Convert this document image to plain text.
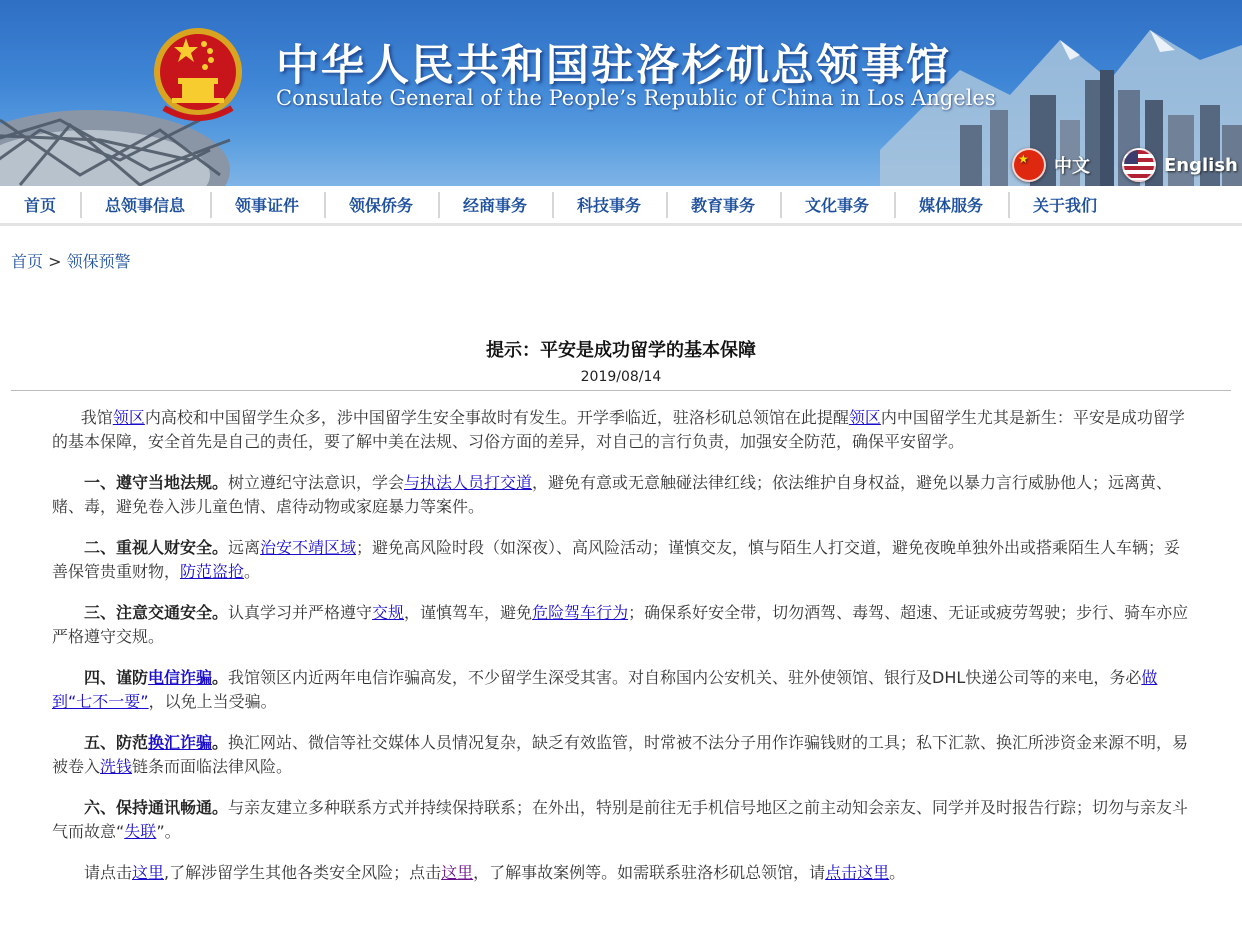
中华人民共和国驻洛杉矶总领事馆
Consulate General of the People’s Republic of China in Los Angeles
★
中文	English
首页	总领事信息	领事证件	领保侨务	经商事务	科技事务	教育事务	文化事务	媒体服务	关于我们
首页 > 领保预警
提示：平安是成功留学的基本保障
2019/08/14

我馆领区内高校和中国留学生众多，涉中国留学生安全事故时有发生。开学季临近，驻洛杉矶总领馆在此提醒领区内中国留学生尤其是新生：平安是成功留学的基本保障，安全首先是自己的责任，要了解中美在法规、习俗方面的差异，对自己的言行负责，加强安全防范，确保平安留学。

一、遵守当地法规。树立遵纪守法意识，学会与执法人员打交道，避免有意或无意触碰法律红线；依法维护自身权益，避免以暴力言行威胁他人；远离黄、赌、毒，避免卷入涉儿童色情、虐待动物或家庭暴力等案件。

二、重视人财安全。远离治安不靖区域；避免高风险时段（如深夜）、高风险活动；谨慎交友，慎与陌生人打交道，避免夜晚单独外出或搭乘陌生人车辆；妥善保管贵重财物，防范盗抢。

三、注意交通安全。认真学习并严格遵守交规，谨慎驾车，避免危险驾车行为；确保系好安全带，切勿酒驾、毒驾、超速、无证或疲劳驾驶；步行、骑车亦应严格遵守交规。

四、谨防电信诈骗。我馆领区内近两年电信诈骗高发，不少留学生深受其害。对自称国内公安机关、驻外使领馆、银行及DHL快递公司等的来电，务必做到“七不一要”，以免上当受骗。

五、防范换汇诈骗。换汇网站、微信等社交媒体人员情况复杂，缺乏有效监管，时常被不法分子用作诈骗钱财的工具；私下汇款、换汇所涉资金来源不明，易被卷入洗钱链条而面临法律风险。

六、保持通讯畅通。与亲友建立多种联系方式并持续保持联系；在外出，特别是前往无手机信号地区之前主动知会亲友、同学并及时报告行踪；切勿与亲友斗气而故意“失联”。

请点击这里,了解涉留学生其他各类安全风险；点击这里，了解事故案例等。如需联系驻洛杉矶总领馆，请点击这里。
